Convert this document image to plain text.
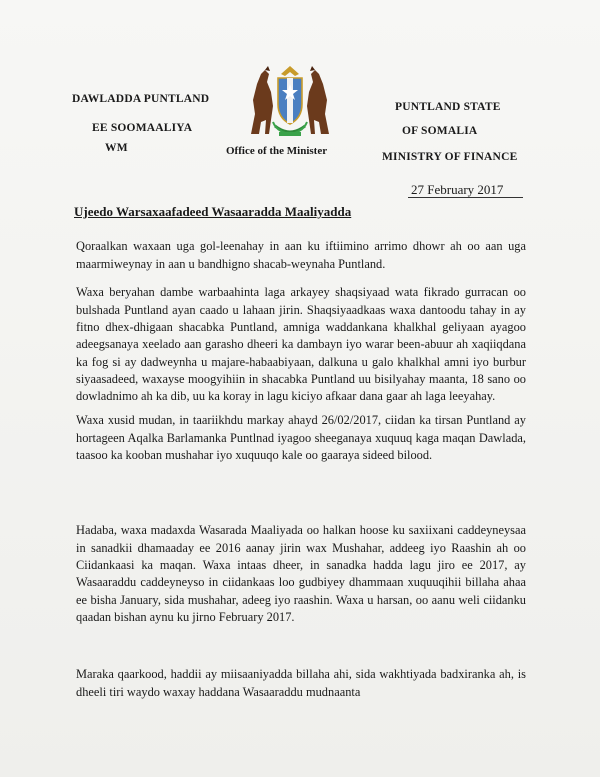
DAWLADDA PUNTLAND
EE SOOMAALIYA
WM	Office of the Minister
PUNTLAND STATE
OF SOMALIA
MINISTRY OF FINANCE
27 February 2017
Ujeedo Warsaxaafadeed Wasaaradda Maaliyadda

Qoraalkan waxaan uga gol-leenahay in aan ku iftiimino arrimo dhowr ah oo aan uga maarmiweynay in aan u bandhigno shacab-weynaha Puntland.

Waxa beryahan dambe warbaahinta laga arkayey shaqsiyaad wata fikrado gurracan oo bulshada Puntland ayan caado u lahaan jirin. Shaqsiyaadkaas waxa dantoodu tahay in ay fitno dhex-dhigaan shacabka Puntland, amniga waddankana khalkhal geliyaan ayagoo adeegsanaya xeelado aan garasho dheeri ka dambayn iyo warar been-abuur ah xaqiiqdana ka fog si ay dadweynha u majare-habaabiyaan, dalkuna u galo khalkhal amni iyo burbur siyaasadeed, waxayse moogyihiin in shacabka Puntland uu bisilyahay maanta, 18 sano oo dowladnimo ah ka dib, uu ka koray in lagu kiciyo afkaar dana gaar ah laga leeyahay.

Waxa xusid mudan, in taariikhdu markay ahayd 26/02/2017, ciidan ka tirsan Puntland ay hortageen Aqalka Barlamanka Puntlnad iyagoo sheeganaya xuquuq kaga maqan Dawlada, taasoo ka kooban mushahar iyo xuquuqo kale oo gaaraya sideed bilood.

Hadaba, waxa madaxda Wasarada Maaliyada oo halkan hoose ku saxiixani caddeyneysaa in sanadkii dhamaaday ee 2016 aanay jirin wax Mushahar, addeeg iyo Raashin ah oo Ciidankaasi ka maqan. Waxa intaas dheer, in sanadka hadda lagu jiro ee 2017, ay Wasaaraddu caddeyneyso in ciidankaas loo gudbiyey dhammaan xuquuqihii billaha ahaa ee bisha January, sida mushahar, adeeg iyo raashin. Waxa u harsan, oo aanu weli ciidanku qaadan bishan aynu ku jirno February 2017.

Maraka qaarkood, haddii ay miisaaniyadda billaha ahi, sida wakhtiyada badxiranka ah, is dheeli tiri waydo waxay haddana Wasaaraddu mudnaanta
